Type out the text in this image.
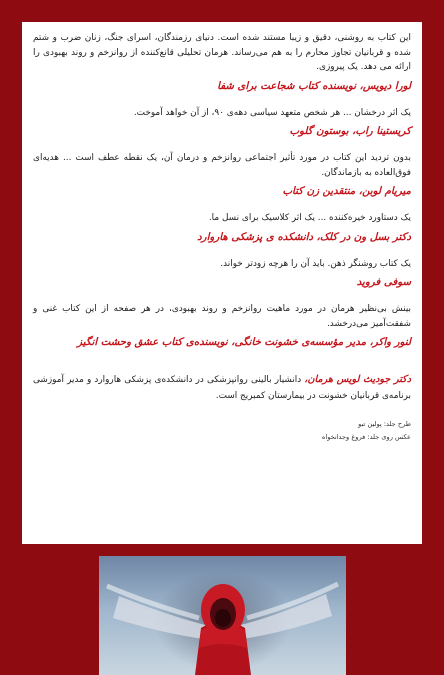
این کتاب به روشنی، دقیق و زیبا مستند شده است. دنیای رزمندگان، اسرای جنگ، زنان ضرب و شتم شده و قربانیان تجاوز محارم را به هم می‌رساند. هرمان تحلیلی قانع‌کننده از روانزخم و روند بهبودی را ارائه می دهد. یک پیروزی.

لورا دیویس، نویسنده کتاب شجاعت برای شفا

یک اثر درخشان ... هر شخص متعهد سیاسی دهه‌ی ۹۰، از آن خواهد آموخت.

کریستینا راب، بوستون گلوب

بدون تردید این کتاب در مورد تأثیر اجتماعی روانزخم و درمان آن، یک نقطه عطف است ... هدیه‌ای فوق‌العاده به بازماندگان.

میریام لوبن، منتقدین زن کتاب

یک دستاورد خیره‌کننده ... یک اثر کلاسیک برای نسل ما.

دکتر بسل ون در کلک، دانشکده ی پزشکی هاروارد

یک کتاب روشنگر ذهن. باید آن را هرچه زودتر خواند.

سوفی فروید

بینش بی‌نظیر هرمان در مورد ماهیت روانزخم و روند بهبودی، در هر صفحه از این کتاب غنی و شفقت‌آمیز می‌درخشد.

لنور واکر، مدیر مؤسسه‌ی خشونت خانگی، نویسنده‌ی کتاب عشق وحشت انگیز

دکتر جودیث لویس هرمان، دانشیار بالینی روانپزشکی در دانشکده‌ی پزشکی هاروارد و مدیر آموزشی برنامه‌ی قربانیان خشونت در بیمارستان کمبریج است.

طرح جلد: پولین تبو
عکس روی جلد: فروغ وجدانخواه
